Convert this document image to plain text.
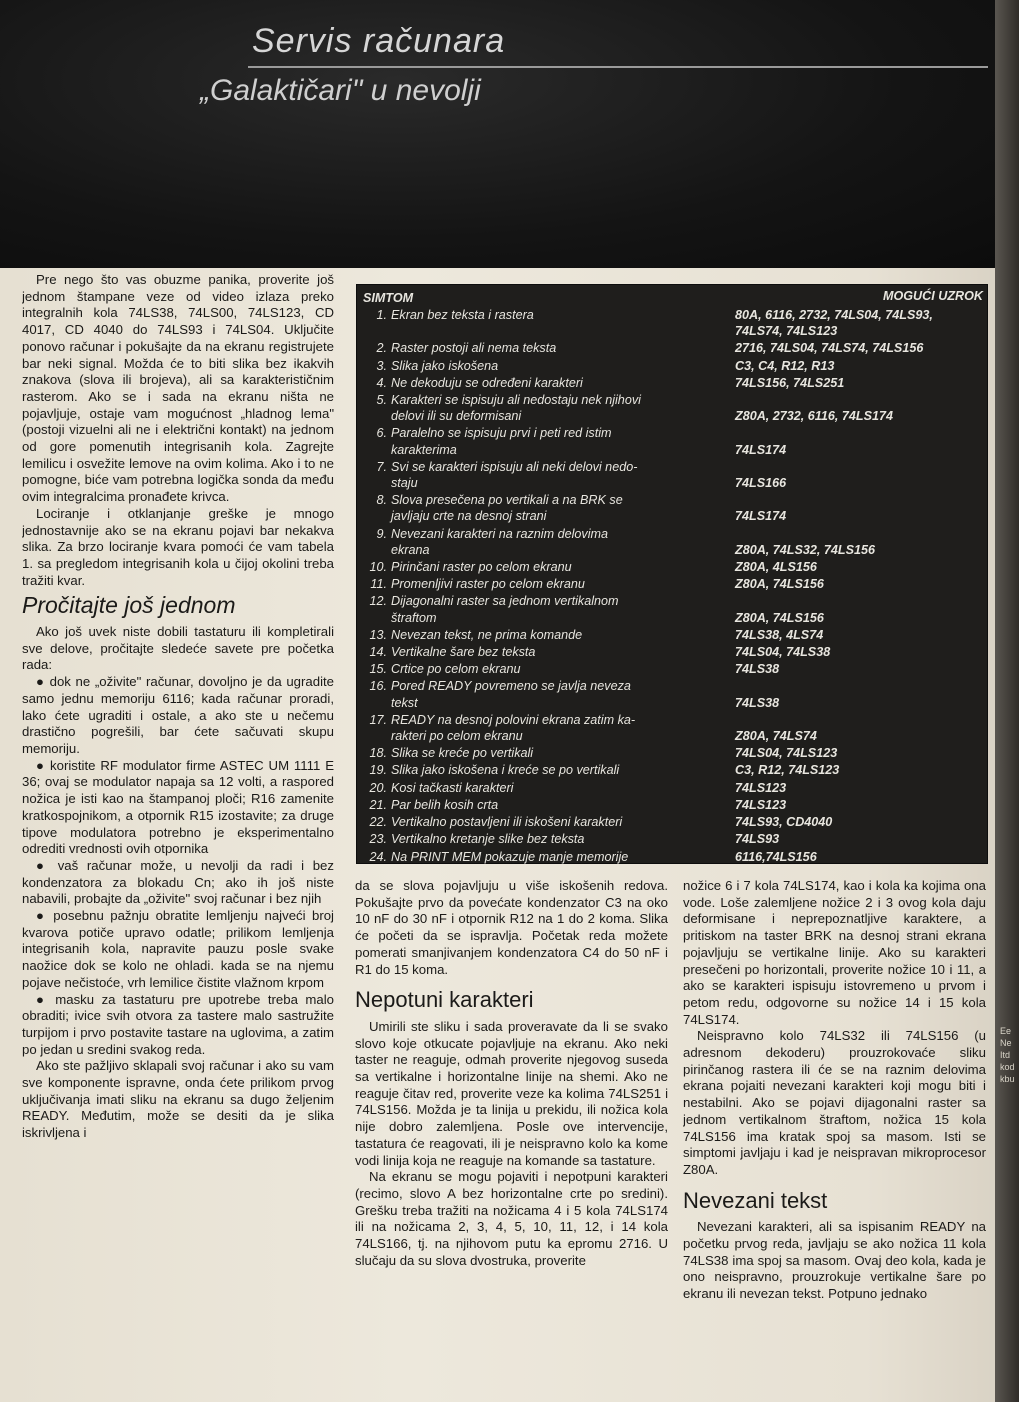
Servis računara
„Galaktičari" u nevolji

Pre nego što vas obuzme panika, proverite još jednom štampane veze od video izlaza preko integralnih kola 74LS38, 74LS00, 74LS123, CD 4017, CD 4040 do 74LS93 i 74LS04. Uključite ponovo računar i pokušajte da na ekranu registrujete bar neki signal. Možda će to biti slika bez ikakvih znakova (slova ili brojeva), ali sa karakterističnim rasterom. Ako se i sada na ekranu ništa ne pojavljuje, ostaje vam mogućnost „hladnog lema" (postoji vizuelni ali ne i električni kontakt) na jednom od gore pomenutih integrisanih kola. Zagrejte lemilicu i osvežite lemove na ovim kolima. Ako i to ne pomogne, biće vam potrebna logička sonda da među ovim integralcima pronađete krivca.

Lociranje i otklanjanje greške je mnogo jednostavnije ako se na ekranu pojavi bar nekakva slika. Za brzo lociranje kvara pomoći će vam tabela 1. sa pregledom integrisanih kola u čijoj okolini treba tražiti kvar.

Pročitajte još jednom

Ako još uvek niste dobili tastaturu ili kompletirali sve delove, pročitajte sledeće savete pre početka rada:

● dok ne „oživite" računar, dovoljno je da ugradite samo jednu memoriju 6116; kada računar proradi, lako ćete ugraditi i ostale, a ako ste u nečemu drastično pogrešili, bar ćete sačuvati skupu memoriju.

● koristite RF modulator firme ASTEC UM 1111 E 36; ovaj se modulator napaja sa 12 volti, a raspored nožica je isti kao na štampanoj ploči; R16 zamenite kratkospojnikom, a otpornik R15 izostavite; za druge tipove modulatora potrebno je eksperimentalno odrediti vrednosti ovih otpornika

● vaš računar može, u nevolji da radi i bez kondenzatora za blokadu Cn; ako ih još niste nabavili, probajte da „oživite" svoj računar i bez njih

● posebnu pažnju obratite lemljenju najveći broj kvarova potiče upravo odatle; prilikom lemljenja integrisanih kola, napravite pauzu posle svake naožice dok se kolo ne ohladi. kada se na njemu pojave nečistoće, vrh lemilice čistite vlažnom krpom

● masku za tastaturu pre upotrebe treba malo obraditi; ivice svih otvora za tastere malo sastružite turpijom i prvo postavite tastare na uglovima, a zatim po jedan u sredini svakog reda.

Ako ste pažljivo sklapali svoj računar i ako su vam sve komponente ispravne, onda ćete prilikom prvog uključivanja imati sliku na ekranu sa dugo željenim READY. Međutim, može se desiti da je slika iskrivljena i

SIMTOM	MOGUĆI UZROK
1. Ekran bez teksta i rastera	80A, 6116, 2732, 74LS04, 74LS93,
74LS74, 74LS123
2. Raster postoji ali nema teksta	2716, 74LS04, 74LS74, 74LS156
3. Slika jako iskošena	C3, C4, R12, R13
4. Ne dekoduju se određeni karakteri	74LS156, 74LS251
5. Karakteri se ispisuju ali nedostaju nek njihovi
delovi ili su deformisani	Z80A, 2732, 6116, 74LS174
6. Paralelno se ispisuju prvi i peti red istim
karakterima	74LS174
7. Svi se karakteri ispisuju ali neki delovi nedo-
staju	74LS166
8. Slova presečena po vertikali a na BRK se
javljaju crte na desnoj strani	74LS174
9. Nevezani karakteri na raznim delovima
ekrana	Z80A, 74LS32, 74LS156
10. Pirinčani raster po celom ekranu	Z80A, 4LS156
11. Promenljivi raster po celom ekranu	Z80A, 74LS156
12. Dijagonalni raster sa jednom vertikalnom
štraftom	Z80A, 74LS156
13. Nevezan tekst, ne prima komande	74LS38, 4LS74
14. Vertikalne šare bez teksta	74LS04, 74LS38
15. Crtice po celom ekranu	74LS38
16. Pored READY povremeno se javlja neveza
tekst	74LS38
17. READY na desnoj polovini ekrana zatim ka-
rakteri po celom ekranu	Z80A, 74LS74
18. Slika se kreće po vertikali	74LS04, 74LS123
19. Slika jako iskošena i kreće se po vertikali	C3, R12, 74LS123
20. Kosi tačkasti karakteri	74LS123
21. Par belih kosih crta	74LS123
22. Vertikalno postavljeni ili iskošeni karakteri	74LS93, CD4040
23. Vertikalno kretanje slike bez teksta	74LS93
24. Na PRINT MEM pokazuje manje memorije	6116,74LS156

da se slova pojavljuju u više iskošenih redova. Pokušajte prvo da povećate kondenzator C3 na oko 10 nF do 30 nF i otpornik R12 na 1 do 2 koma. Slika će početi da se ispravlja. Početak reda možete pomerati smanjivanjem kondenzatora C4 do 50 nF i R1 do 15 koma.

Nepotuni karakteri

Umirili ste sliku i sada proveravate da li se svako slovo koje otkucate pojavljuje na ekranu. Ako neki taster ne reaguje, odmah proverite njegovog suseda sa vertikalne i horizontalne linije na shemi. Ako ne reaguje čitav red, proverite veze ka kolima 74LS251 i 74LS156. Možda je ta linija u prekidu, ili nožica kola nije dobro zalemljena. Posle ove intervencije, tastatura će reagovati, ili je neispravno kolo ka kome vodi linija koja ne reaguje na komande sa tastature.

Na ekranu se mogu pojaviti i nepotpuni karakteri (recimo, slovo A bez horizontalne crte po sredini). Grešku treba tražiti na nožicama 4 i 5 kola 74LS174 ili na nožicama 2, 3, 4, 5, 10, 11, 12, i 14 kola 74LS166, tj. na njihovom putu ka epromu 2716. U slučaju da su slova dvostruka, proverite

nožice 6 i 7 kola 74LS174, kao i kola ka kojima ona vode. Loše zalemljene nožice 2 i 3 ovog kola daju deformisane i neprepoznatljive karaktere, a pritiskom na taster BRK na desnoj strani ekrana pojavljuju se vertikalne linije. Ako su karakteri presečeni po horizontali, proverite nožice 10 i 11, a ako se karakteri ispisuju istovremeno u prvom i petom redu, odgovorne su nožice 14 i 15 kola 74LS174.

Neispravno kolo 74LS32 ili 74LS156 (u adresnom dekoderu) prouzrokovaće sliku pirinčanog rastera ili će se na raznim delovima ekrana pojaiti nevezani karakteri koji mogu biti i nestabilni. Ako se pojavi dijagonalni raster sa jednom vertikalnom štraftom, nožica 15 kola 74LS156 ima kratak spoj sa masom. Isti se simptomi javljaju i kad je neispravan mikroprocesor Z80A.

Nevezani tekst

Nevezani karakteri, ali sa ispisanim READY na početku prvog reda, javljaju se ako nožica 11 kola 74LS38 ima spoj sa masom. Ovaj deo kola, kada je ono neispravno, prouzrokuje vertikalne šare po ekranu ili nevezan tekst. Potpuno jednako

Ee Ne Itd kod kbu
